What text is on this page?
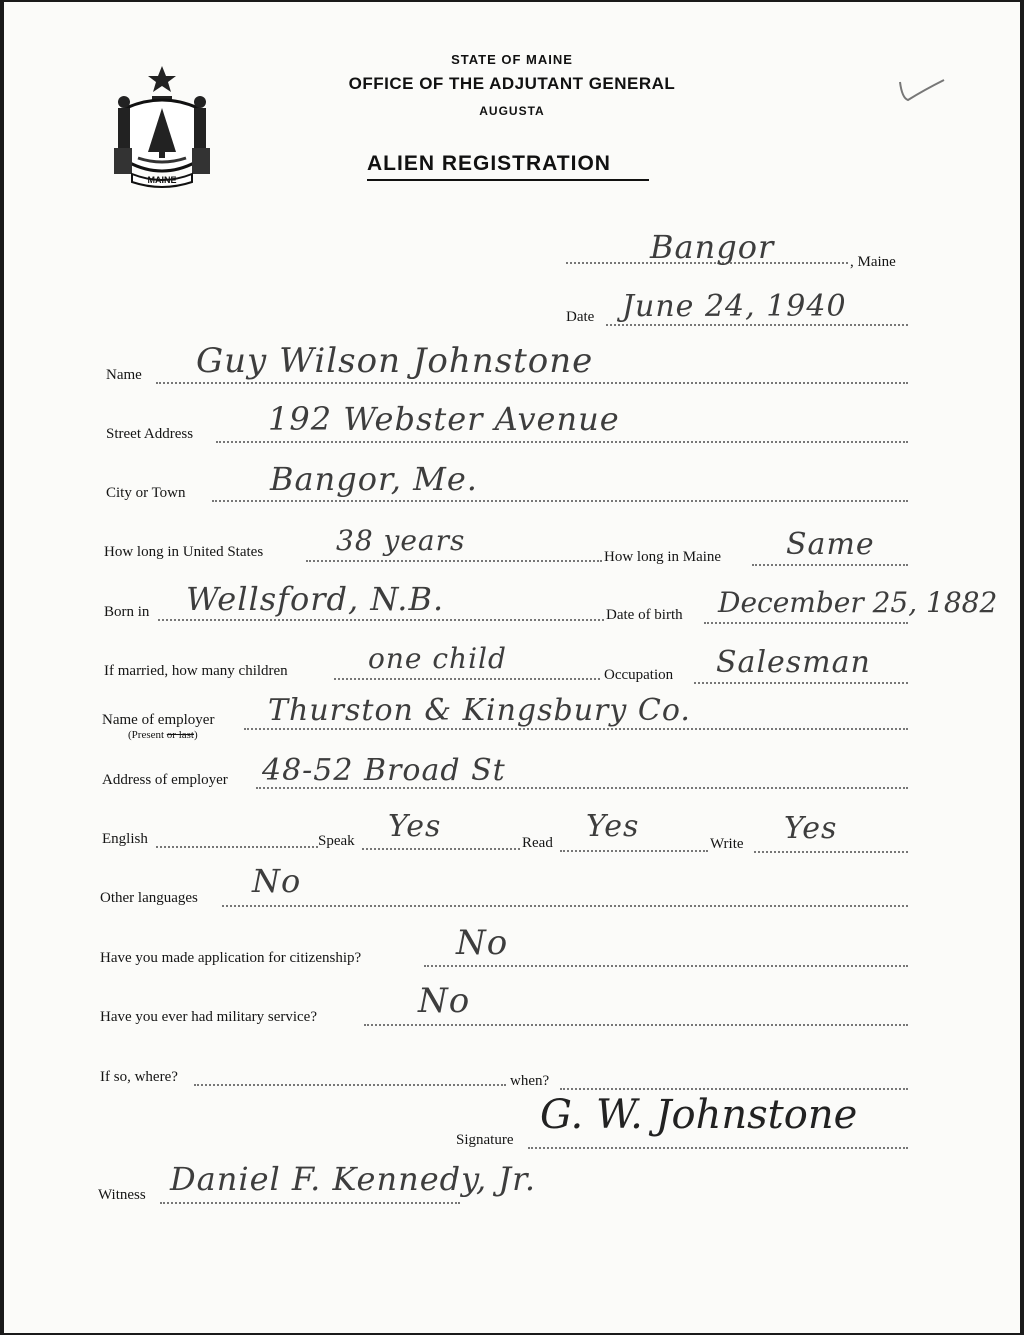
STATE OF MAINE
OFFICE OF THE ADJUTANT GENERAL
AUGUSTA
ALIEN REGISTRATION
MAINE
Bangor	, Maine
Date June 24, 1940
Name Guy Wilson Johnstone
Street Address 192 Webster Avenue
City or Town	Bangor, Me.
How long in United States	38 years	How long in Maine Same
Born in Wellsford, N.B.	Date of birth December 25, 1882
If married, how many children	one child	Occupation Salesman
Name of employer
(Present or last)
Thurston & Kingsbury Co.
Address of employer 48-52 Broad St
English	Speak Yes	Read Yes	Write Yes
Other languages No
Have you made application for citizenship?	No
Have you ever had military service?	No
If so, where?	when?
Signature
G. W. Johnstone
Witness Daniel F. Kennedy, Jr.
